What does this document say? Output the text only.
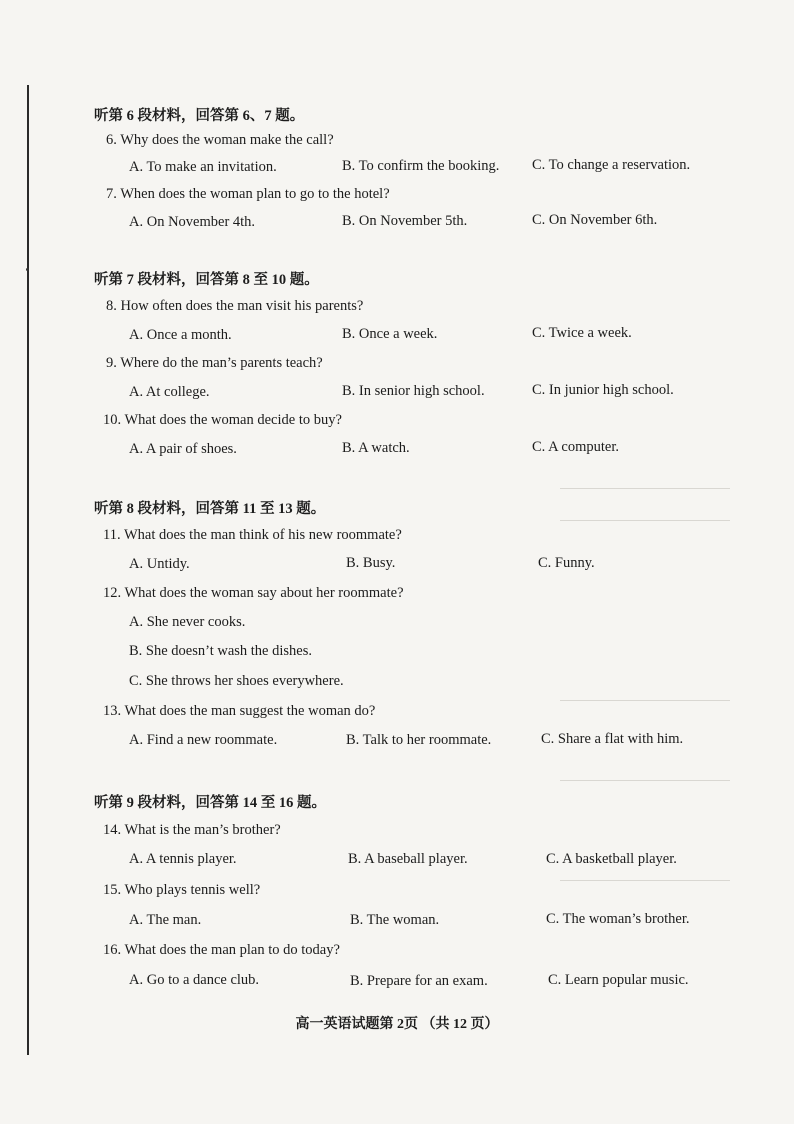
听第 6 段材料，回答第 6、7 题。
6. Why does the woman make the call?
A. To make an invitation.	B. To confirm the booking. C. To change a reservation.
7. When does the woman plan to go to the hotel?
A. On November 4th.	B. On November 5th.	C. On November 6th.
听第 7 段材料，回答第 8 至 10 题。
8. How often does the man visit his parents?
A. Once a month.	B. Once a week.	C. Twice a week.
9. Where do the man’s parents teach?
A. At college.	B. In senior high school.	C. In junior high school.
10. What does the woman decide to buy?
A. A pair of shoes.	B. A watch.	C. A computer.
听第 8 段材料，回答第 11 至 13 题。
11. What does the man think of his new roommate?
A. Untidy.	B. Busy.	C. Funny.
12. What does the woman say about her roommate?
A. She never cooks.
B. She doesn’t wash the dishes.
C. She throws her shoes everywhere.
13. What does the man suggest the woman do?
A. Find a new roommate.	B. Talk to her roommate.	C. Share a flat with him.
听第 9 段材料，回答第 14 至 16 题。
14. What is the man’s brother?
A. A tennis player.	B. A baseball player.	C. A basketball player.
15. Who plays tennis well?
A. The man.	B. The woman.	C. The woman’s brother.
16. What does the man plan to do today?
A. Go to a dance club.	B. Prepare for an exam.	C. Learn popular music.
高一英语试题第 2页 （共 12 页）
